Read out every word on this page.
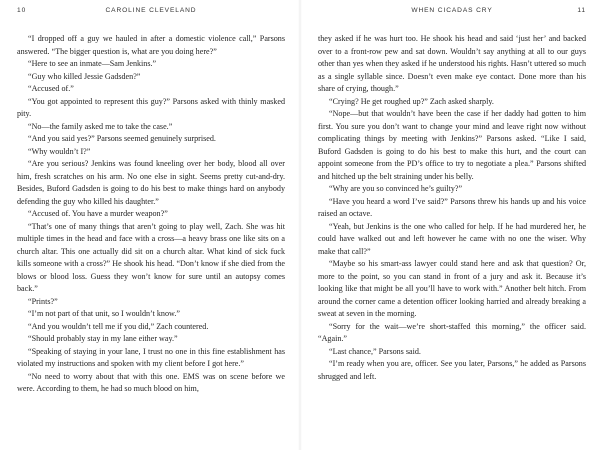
10	CAROLINE CLEVELAND

“I dropped off a guy we hauled in after a domestic violence call,” Parsons answered. “The bigger question is, what are you doing here?”

“Here to see an inmate—Sam Jenkins.”

“Guy who killed Jessie Gadsden?”

“Accused of.”

“You got appointed to represent this guy?” Parsons asked with thinly masked pity.

“No—the family asked me to take the case.”

“And you said yes?” Parsons seemed genuinely surprised.

“Why wouldn’t I?”

“Are you serious? Jenkins was found kneeling over her body, blood all over him, fresh scratches on his arm. No one else in sight. Seems pretty cut-and-dry. Besides, Buford Gadsden is going to do his best to make things hard on anybody defending the guy who killed his daughter.”

“Accused of. You have a murder weapon?”

“That’s one of many things that aren’t going to play well, Zach. She was hit multiple times in the head and face with a cross—a heavy brass one like sits on a church altar. This one actually did sit on a church altar. What kind of sick fuck kills someone with a cross?” He shook his head. “Don’t know if she died from the blows or blood loss. Guess they won’t know for sure until an autopsy comes back.”

“Prints?”

“I’m not part of that unit, so I wouldn’t know.”

“And you wouldn’t tell me if you did,” Zach countered.

“Should probably stay in my lane either way.”

“Speaking of staying in your lane, I trust no one in this fine establishment has violated my instructions and spoken with my client before I got here.”

“No need to worry about that with this one. EMS was on scene before we were. According to them, he had so much blood on him,

WHEN CICADAS CRY	11

they asked if he was hurt too. He shook his head and said ‘just her’ and backed over to a front-row pew and sat down. Wouldn’t say anything at all to our guys other than yes when they asked if he understood his rights. Hasn’t uttered so much as a single syllable since. Doesn’t even make eye contact. Done more than his share of crying, though.”

“Crying? He get roughed up?” Zach asked sharply.

“Nope—but that wouldn’t have been the case if her daddy had gotten to him first. You sure you don’t want to change your mind and leave right now without complicating things by meeting with Jenkins?” Parsons asked. “Like I said, Buford Gadsden is going to do his best to make this hurt, and the court can appoint someone from the PD’s office to try to negotiate a plea.” Parsons shifted and hitched up the belt straining under his belly.

“Why are you so convinced he’s guilty?”

“Have you heard a word I’ve said?” Parsons threw his hands up and his voice raised an octave.

“Yeah, but Jenkins is the one who called for help. If he had murdered her, he could have walked out and left however he came with no one the wiser. Why make that call?”

“Maybe so his smart-ass lawyer could stand here and ask that question? Or, more to the point, so you can stand in front of a jury and ask it. Because it’s looking like that might be all you’ll have to work with.” Another belt hitch. From around the corner came a detention officer looking harried and already breaking a sweat at seven in the morning.

“Sorry for the wait—we’re short-staffed this morning,” the officer said. “Again.”

“Last chance,” Parsons said.

“I’m ready when you are, officer. See you later, Parsons,” he added as Parsons shrugged and left.
